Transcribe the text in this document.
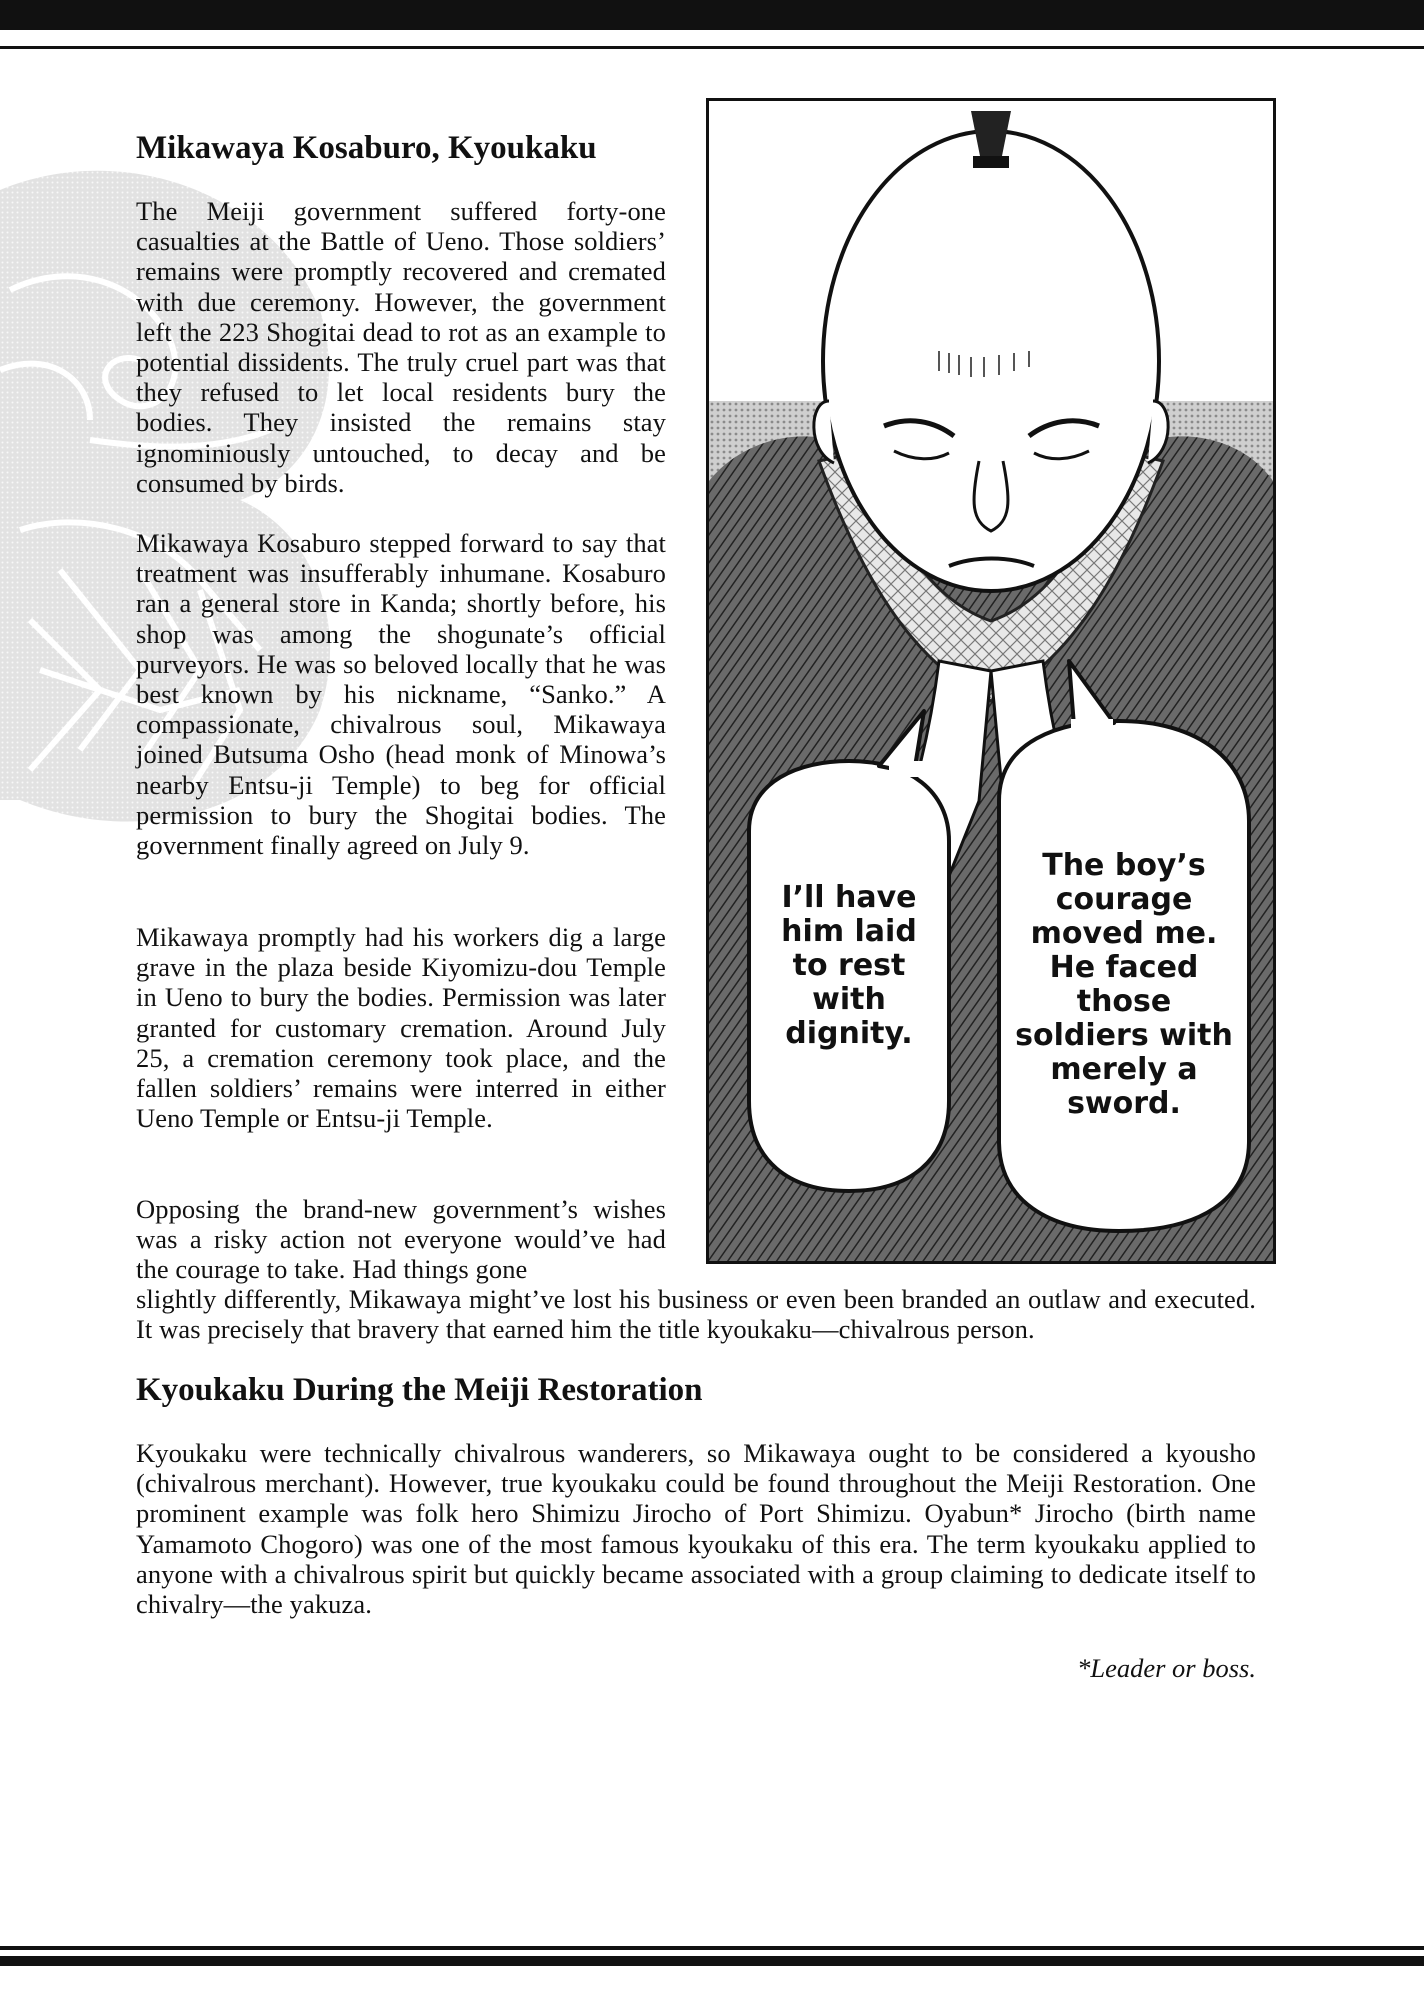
Mikawaya Kosaburo, Kyoukaku

The Meiji government suffered forty-one casualties at the Battle of Ueno. Those soldiers’ remains were promptly recovered and cremated with due ceremony. However, the government left the 223 Shogitai dead to rot as an example to potential dissidents. The truly cruel part was that they refused to let local residents bury the bodies. They insisted the remains stay ignominiously untouched, to decay and be consumed by birds.

Mikawaya Kosaburo stepped forward to say that treatment was insufferably inhumane. Kosaburo ran a general store in Kanda; shortly before, his shop was among the shogunate’s official purveyors. He was so beloved locally that he was best known by his nickname, “Sanko.” A compassionate, chivalrous soul, Mikawaya joined Butsuma Osho (head monk of Minowa’s nearby Entsu-ji Temple) to beg for official permission to bury the Shogitai bodies. The government finally agreed on July 9.

Mikawaya promptly had his workers dig a large grave in the plaza beside Kiyomizu-dou Temple in Ueno to bury the bodies. Permission was later granted for customary cremation. Around July 25, a cremation ceremony took place, and the fallen soldiers’ remains were interred in either Ueno Temple or Entsu-ji Temple.

Opposing the brand-new government’s wishes was a risky action not everyone would’ve had the courage to take. Had things gone

slightly differently, Mikawaya might’ve lost his business or even been branded an outlaw and executed. It was precisely that bravery that earned him the title kyoukaku—chivalrous person.

Kyoukaku During the Meiji Restoration

Kyoukaku were technically chivalrous wanderers, so Mikawaya ought to be considered a kyousho (chivalrous merchant). However, true kyoukaku could be found throughout the Meiji Restoration. One prominent example was folk hero Shimizu Jirocho of Port Shimizu. Oyabun* Jirocho (birth name Yamamoto Chogoro) was one of the most famous kyoukaku of this era. The term kyoukaku applied to anyone with a chivalrous spirit but quickly became associated with a group claiming to dedicate itself to chivalry—the yakuza.

*Leader or boss.

I’ll have
him laid
to rest
with
dignity.
The boy’s
courage
moved me.
He faced
those
soldiers with
merely a
sword.
